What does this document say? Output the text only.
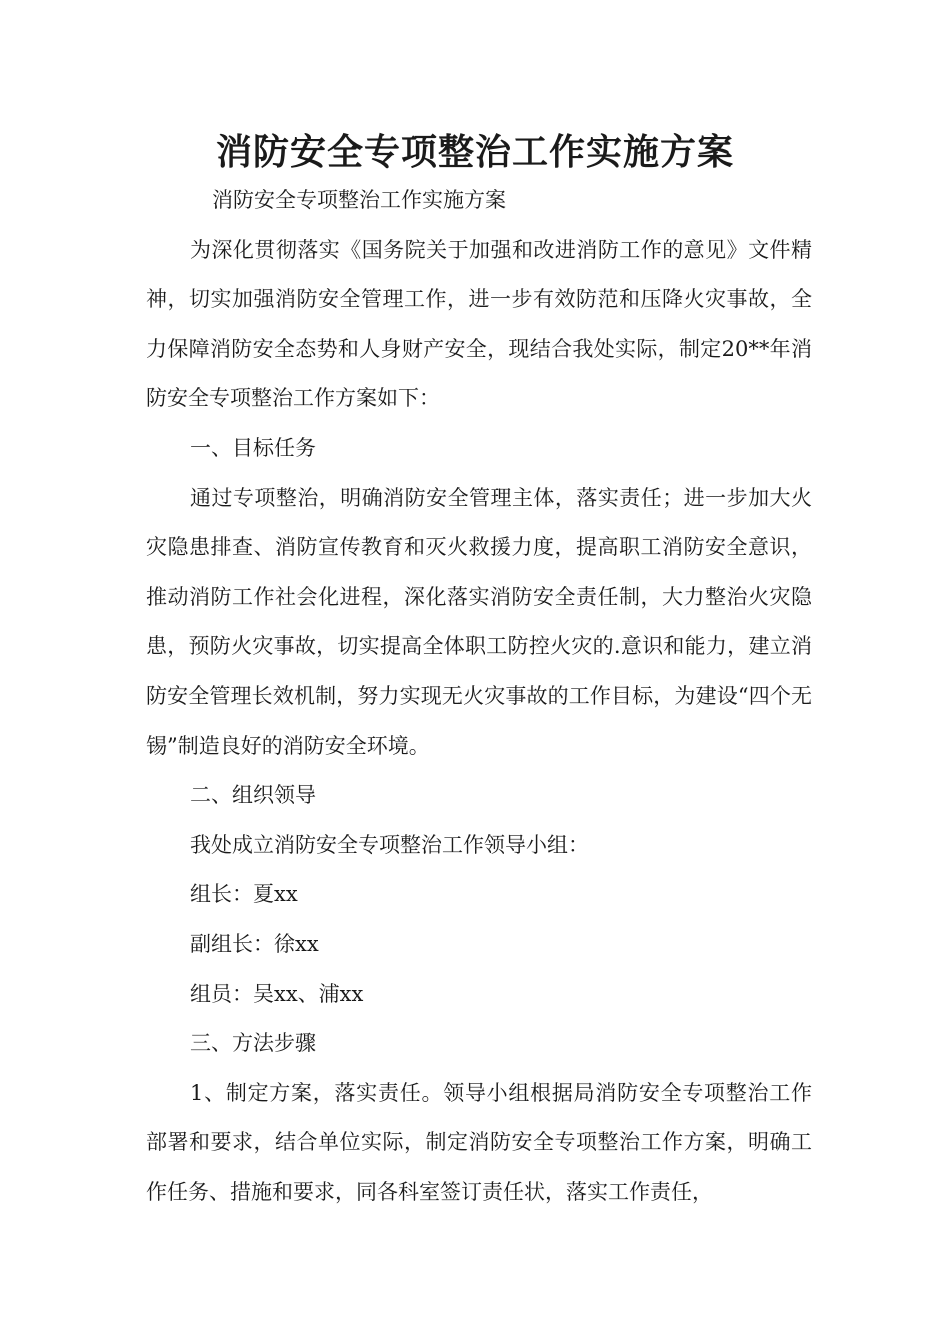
消防安全专项整治工作实施方案

消防安全专项整治工作实施方案

为深化贯彻落实《国务院关于加强和改进消防工作的意见》文件精神，切实加强消防安全管理工作，进一步有效防范和压降火灾事故，全力保障消防安全态势和人身财产安全，现结合我处实际，制定20**年消防安全专项整治工作方案如下：

一、目标任务

通过专项整治，明确消防安全管理主体，落实责任；进一步加大火灾隐患排查、消防宣传教育和灭火救援力度，提高职工消防安全意识，推动消防工作社会化进程，深化落实消防安全责任制，大力整治火灾隐患，预防火灾事故，切实提高全体职工防控火灾的.意识和能力，建立消防安全管理长效机制，努力实现无火灾事故的工作目标，为建设“四个无锡”制造良好的消防安全环境。

二、组织领导

我处成立消防安全专项整治工作领导小组：

组长：夏xx

副组长：徐xx

组员：吴xx、浦xx

三、方法步骤

1、制定方案，落实责任。领导小组根据局消防安全专项整治工作部署和要求，结合单位实际，制定消防安全专项整治工作方案，明确工作任务、措施和要求，同各科室签订责任状，落实工作责任，
